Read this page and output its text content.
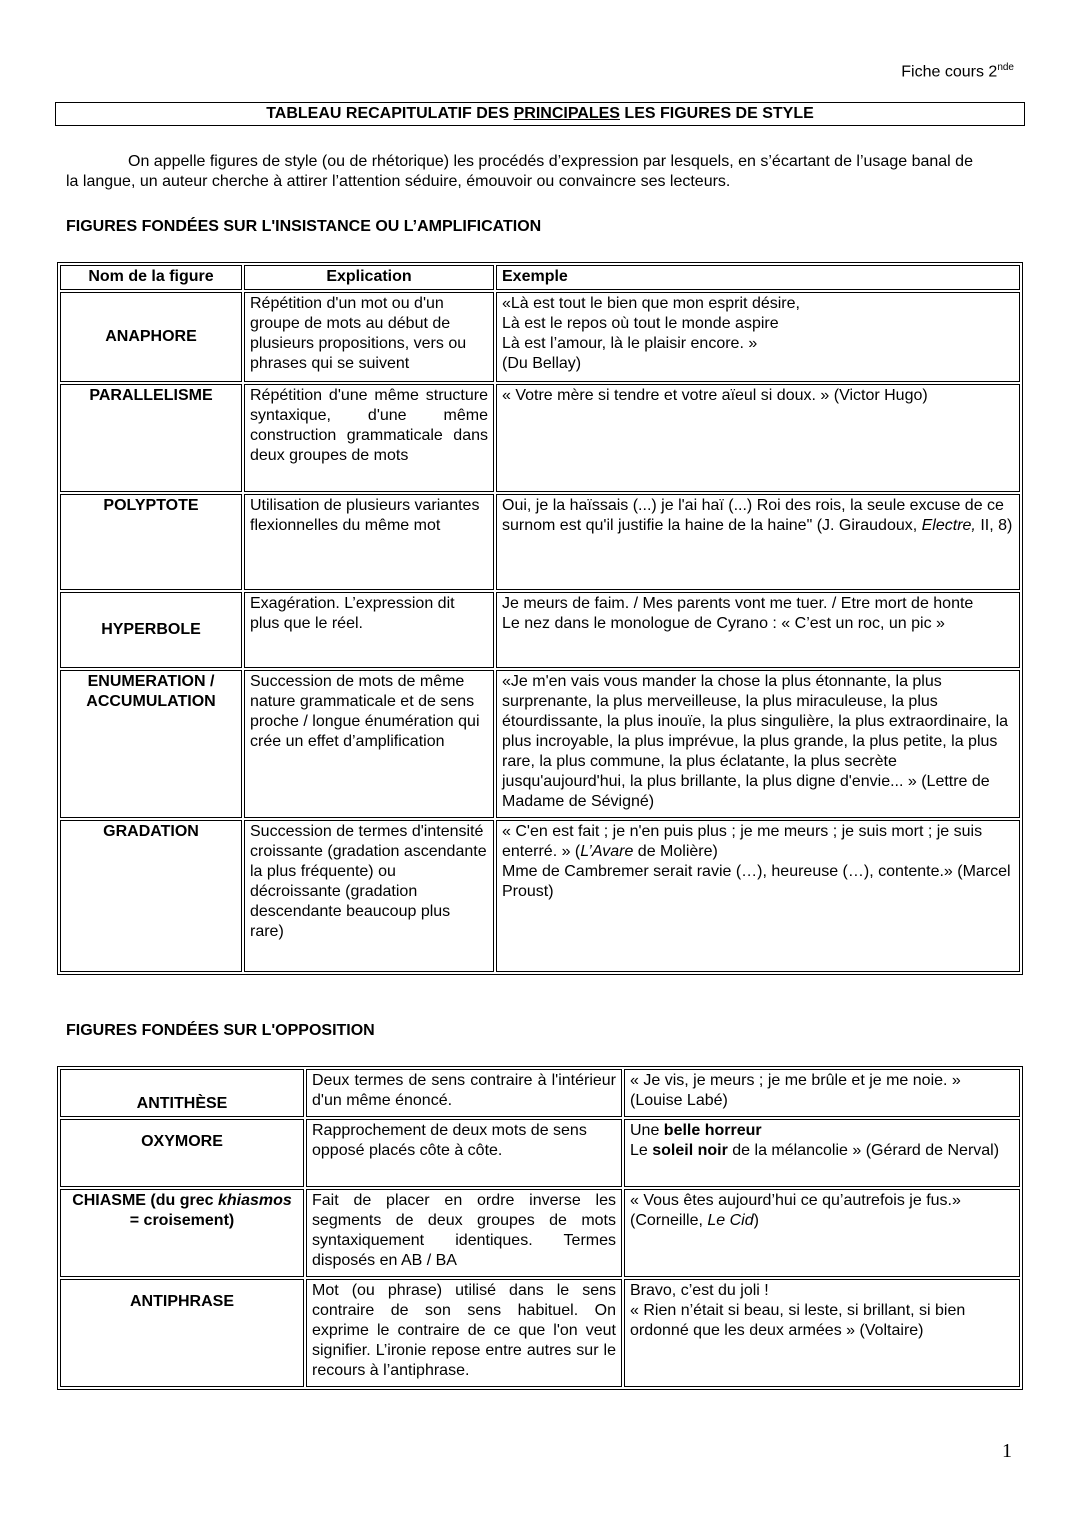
Fiche cours 2nde
TABLEAU RECAPITULATIF DES PRINCIPALES LES FIGURES DE STYLE
On appelle figures de style (ou de rhétorique) les procédés d’expression par lesquels, en s’écartant de l’usage banal de la langue, un auteur cherche à attirer l’attention séduire, émouvoir ou convaincre ses lecteurs.
FIGURES FONDÉES SUR L'INSISTANCE OU L’AMPLIFICATION
Nom de la figure	Explication	Exemple
ANAPHORE	Répétition d'un mot ou d'un groupe de mots au début de plusieurs propositions, vers ou phrases qui se suivent	«Là est tout le bien que mon esprit désire,
Là est le repos où tout le monde aspire
Là est l’amour, là le plaisir encore. »
(Du Bellay)

PARALLELISME	Répétition d'une même structure syntaxique, d'une même construction grammaticale dans deux groupes de mots	« Votre mère si tendre et votre aïeul si doux. » (Victor Hugo)
POLYPTOTE	Utilisation de plusieurs variantes flexionnelles du même mot	Oui, je la haïssais (...) je l'ai haï (...) Roi des rois, la seule excuse de ce surnom est qu'il justifie la haine de la haine" (J. Giraudoux, Electre, II, 8)
HYPERBOLE	Exagération. L’expression dit plus que le réel.	Je meurs de faim. / Mes parents vont me tuer. / Etre mort de honte
Le nez dans le monologue de Cyrano : « C’est un roc, un pic »

ENUMERATION /
ACCUMULATION	Succession de mots de même nature grammaticale et de sens proche / longue énumération qui crée un effet d’amplification	«Je m'en vais vous mander la chose la plus étonnante, la plus surprenante, la plus merveilleuse, la plus miraculeuse, la plus étourdissante, la plus inouïe, la plus singulière, la plus extraordinaire, la plus incroyable, la plus imprévue, la plus grande, la plus petite, la plus rare, la plus commune, la plus éclatante, la plus secrète jusqu'aujourd'hui, la plus brillante, la plus digne d'envie... » (Lettre de Madame de Sévigné)
GRADATION	Succession de termes d'intensité croissante (gradation ascendante la plus fréquente) ou décroissante (gradation descendante beaucoup plus rare)	« C'en est fait ; je n'en puis plus ; je me meurs ; je suis mort ; je suis enterré. » (L’Avare de Molière)
Mme de Cambremer serait ravie (…), heureuse (…), contente.» (Marcel Proust)
FIGURES FONDÉES SUR L'OPPOSITION
ANTITHÈSE	Deux termes de sens contraire à l'intérieur d'un même énoncé.	« Je vis, je meurs ; je me brûle et je me noie. » (Louise Labé)
OXYMORE	Rapprochement de deux mots de sens opposé placés côte à côte.	Une belle horreur
Le soleil noir de la mélancolie » (Gérard de Nerval)

CHIASME (du grec khiasmos
= croisement)	Fait de placer en ordre inverse les segments de deux groupes de mots syntaxiquement identiques. Termes disposés en AB / BA	« Vous êtes aujourd’hui ce qu’autrefois je fus.» (Corneille, Le Cid)
ANTIPHRASE	Mot (ou phrase) utilisé dans le sens contraire de son sens habituel. On exprime le contraire de ce que l'on veut signifier. L’ironie repose entre autres sur le recours à l’antiphrase.	Bravo, c’est du joli !
« Rien n’était si beau, si leste, si brillant, si bien ordonné que les deux armées » (Voltaire)
1
